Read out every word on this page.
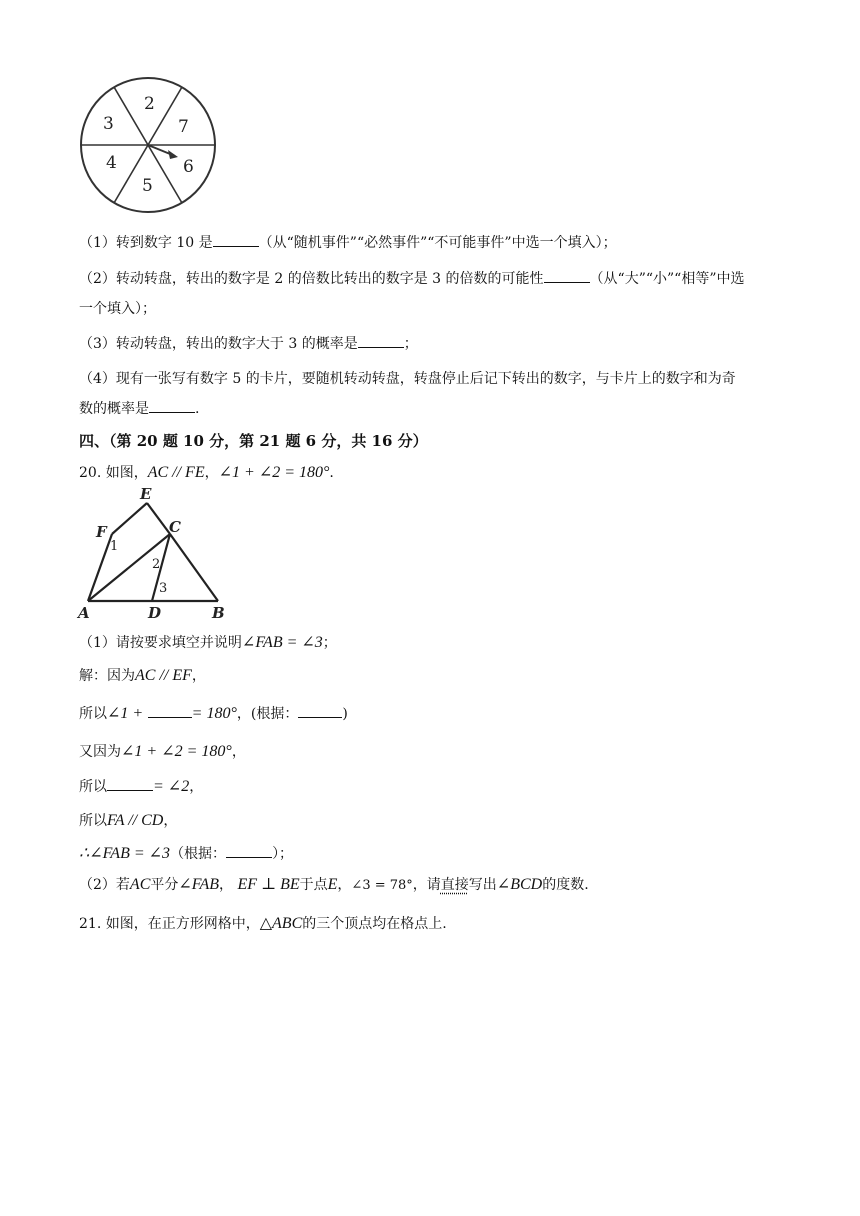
2
7
6
5
4
3
（1）转到数字 10 是	（从“随机事件”“必然事件”“不可能事件”中选一个填入）；
（2）转动转盘，转出的数字是 2 的倍数比转出的数字是 3 的倍数的可能性	（从“大”“小”“相等”中选
一个填入）；
（3）转动转盘，转出的数字大于 3 的概率是	；
（4）现有一张写有数字 5 的卡片，要随机转动转盘，转盘停止后记下转出的数字，与卡片上的数字和为奇
数的概率是	.
四、（第 20 题 10 分，第 21 题 6 分，共 16 分）
20. 如图，AC // FE，∠1 + ∠2 = 180°.
E
F	C
A	D	B
1
2
3
（1）请按要求填空并说明∠FAB = ∠3；
解：因为AC // EF，
所以∠1 +	= 180°，(根据：	)
又因为∠1 + ∠2 = 180°，
所以	= ∠2，
所以FA // CD，
∴∠FAB = ∠3（根据：	）；
（2）若AC平分∠FAB， EF ⊥ BE于点E，∠3 = 78°，请直接写出∠BCD的度数.
21. 如图，在正方形网格中，△ABC的三个顶点均在格点上.
